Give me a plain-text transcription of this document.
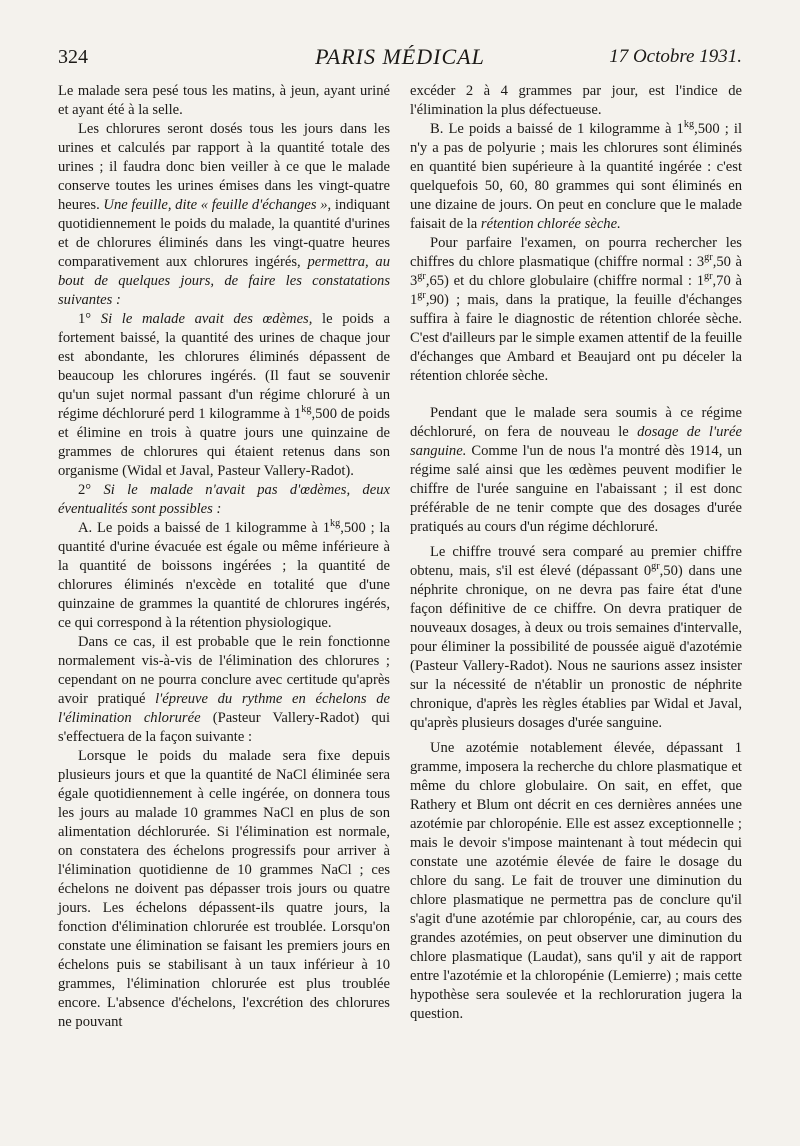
324	PARIS MÉDICAL	17 Octobre 1931.

Le malade sera pesé tous les matins, à jeun, ayant uriné et ayant été à la selle.

Les chlorures seront dosés tous les jours dans les urines et calculés par rapport à la quantité totale des urines ; il faudra donc bien veiller à ce que le malade conserve toutes les urines émises dans les vingt-quatre heures. Une feuille, dite « feuille d'échanges », indiquant quotidiennement le poids du malade, la quantité d'urines et de chlorures éliminés dans les vingt-quatre heures comparativement aux chlorures ingérés, permettra, au bout de quelques jours, de faire les constatations suivantes :

1° Si le malade avait des œdèmes, le poids a fortement baissé, la quantité des urines de chaque jour est abondante, les chlorures éliminés dépassent de beaucoup les chlorures ingérés. (Il faut se souvenir qu'un sujet normal passant d'un régime chloruré à un régime déchloruré perd 1 kilogramme à $1^{kg},500$ de poids et élimine en trois à quatre jours une quinzaine de grammes de chlorures qui étaient retenus dans son organisme (Widal et Javal, Pasteur Vallery-Radot).

2° Si le malade n'avait pas d'œdèmes, deux éventualités sont possibles :

A. Le poids a baissé de 1 kilogramme à $1^{kg},500$ ; la quantité d'urine évacuée est égale ou même inférieure à la quantité de boissons ingérées ; la quantité de chlorures éliminés n'excède en totalité que d'une quinzaine de grammes la quantité de chlorures ingérés, ce qui correspond à la rétention physiologique.

Dans ce cas, il est probable que le rein fonctionne normalement vis-à-vis de l'élimination des chlorures ; cependant on ne pourra conclure avec certitude qu'après avoir pratiqué l'épreuve du rythme en échelons de l'élimination chlorurée (Pasteur Vallery-Radot) qui s'effectuera de la façon suivante :

Lorsque le poids du malade sera fixe depuis plusieurs jours et que la quantité de NaCl éliminée sera égale quotidiennement à celle ingérée, on donnera tous les jours au malade 10 grammes NaCl en plus de son alimentation déchlorurée. Si l'élimination est normale, on constatera des échelons progressifs pour arriver à l'élimination quotidienne de 10 grammes NaCl ; ces échelons ne doivent pas dépasser trois jours ou quatre jours. Les échelons dépassent-ils quatre jours, la fonction d'élimination chlorurée est troublée. Lorsqu'on constate une élimination se faisant les premiers jours en échelons puis se stabilisant à un taux inférieur à 10 grammes, l'élimination chlorurée est plus troublée encore. L'absence d'échelons, l'excrétion des chlorures ne pouvant

excéder 2 à 4 grammes par jour, est l'indice de l'élimination la plus défectueuse.

B. Le poids a baissé de 1 kilogramme à $1^{kg},500$ ; il n'y a pas de polyurie ; mais les chlorures sont éliminés en quantité bien supérieure à la quantité ingérée : c'est quelquefois 50, 60, 80 grammes qui sont éliminés en une dizaine de jours. On peut en conclure que le malade faisait de la rétention chlorée sèche.

Pour parfaire l'examen, on pourra rechercher les chiffres du chlore plasmatique (chiffre normal : $3^{gr},50$ à $3^{gr},65$) et du chlore globulaire (chiffre normal : $1^{gr},70$ à $1^{gr},90$) ; mais, dans la pratique, la feuille d'échanges suffira à faire le diagnostic de rétention chlorée sèche. C'est d'ailleurs par le simple examen attentif de la feuille d'échanges que Ambard et Beaujard ont pu déceler la rétention chlorée sèche.

Pendant que le malade sera soumis à ce régime déchloruré, on fera de nouveau le dosage de l'urée sanguine. Comme l'un de nous l'a montré dès 1914, un régime salé ainsi que les œdèmes peuvent modifier le chiffre de l'urée sanguine en l'abaissant ; il est donc préférable de ne tenir compte que des dosages d'urée pratiqués au cours d'un régime déchloruré.

Le chiffre trouvé sera comparé au premier chiffre obtenu, mais, s'il est élevé (dépassant $0^{gr},50$) dans une néphrite chronique, on ne devra pas faire état d'une façon définitive de ce chiffre. On devra pratiquer de nouveaux dosages, à deux ou trois semaines d'intervalle, pour éliminer la possibilité de poussée aiguë d'azotémie (Pasteur Vallery-Radot). Nous ne saurions assez insister sur la nécessité de n'établir un pronostic de néphrite chronique, d'après les règles établies par Widal et Javal, qu'après plusieurs dosages d'urée sanguine.

Une azotémie notablement élevée, dépassant 1 gramme, imposera la recherche du chlore plasmatique et même du chlore globulaire. On sait, en effet, que Rathery et Blum ont décrit en ces dernières années une azotémie par chloropénie. Elle est assez exceptionnelle ; mais le devoir s'impose maintenant à tout médecin qui constate une azotémie élevée de faire le dosage du chlore du sang. Le fait de trouver une diminution du chlore plasmatique ne permettra pas de conclure qu'il s'agit d'une azotémie par chloropénie, car, au cours des grandes azotémies, on peut observer une diminution du chlore plasmatique (Laudat), sans qu'il y ait de rapport entre l'azotémie et la chloropénie (Lemierre) ; mais cette hypothèse sera soulevée et la rechloruration jugera la question.
